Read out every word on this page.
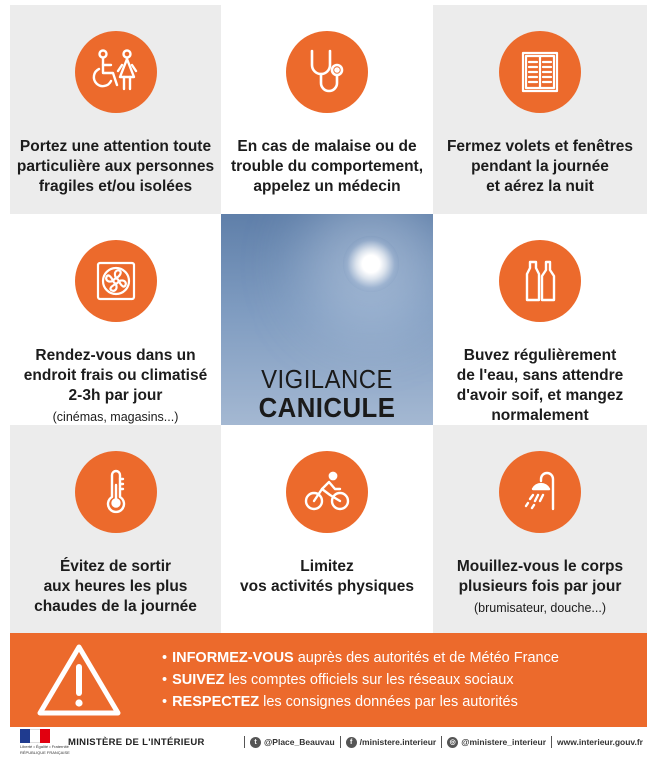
Portez une attention toute
particulière aux personnes
fragiles et/ou isolées
En cas de malaise ou de
trouble du comportement,
appelez un médecin
Fermez volets et fenêtres
pendant la journée
et aérez la nuit
Rendez-vous dans un
endroit frais ou climatisé
2-3h par jour
(cinémas, magasins...)
VIGILANCE
CANICULE
Buvez régulièrement
de l'eau, sans attendre
d'avoir soif, et mangez
normalement
Évitez de sortir
aux heures les plus
chaudes de la journée
Limitez
vos activités physiques
Mouillez-vous le corps
plusieurs fois par jour
(brumisateur, douche...)
• INFORMEZ-VOUS auprès des autorités et de Météo France
• SUIVEZ les comptes officiels sur les réseaux sociaux
• RESPECTEZ les consignes données par les autorités
Liberté • Égalité • Fraternité
RÉPUBLIQUE FRANÇAISE
MINISTÈRE DE L'INTÉRIEUR	t @Place_Beauvau	f /ministere.interieur	◎ @ministere_interieur www.interieur.gouv.fr
